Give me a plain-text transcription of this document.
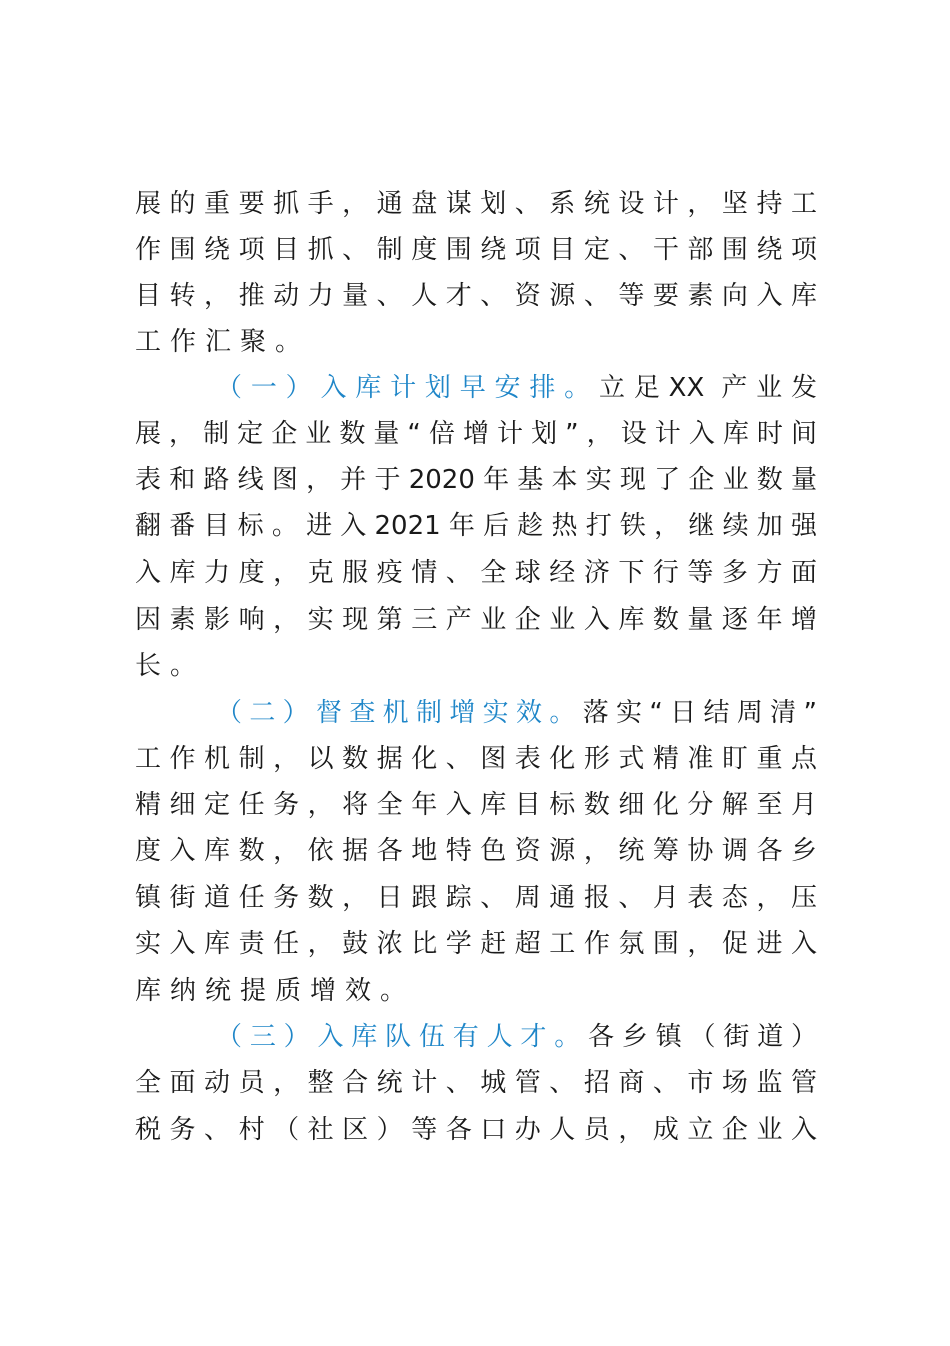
展的重要抓手，通盘谋划、系统设计，坚持工
作围绕项目抓、制度围绕项目定、干部围绕项
目转，推动力量、人才、资源、等要素向入库
工作汇聚。
（一）入库计划早安排。立足XX 产业发
展，制定企业数量“倍增计划”，设计入库时间
表和路线图，并于2020年基本实现了企业数量
翻番目标。进入2021年后趁热打铁，继续加强
入库力度，克服疫情、全球经济下行等多方面
因素影响，实现第三产业企业入库数量逐年增
长。
（二）督查机制增实效。落实“日结周清”
工作机制，以数据化、图表化形式精准盯重点
精细定任务，将全年入库目标数细化分解至月
度入库数，依据各地特色资源，统筹协调各乡
镇街道任务数，日跟踪、周通报、月表态，压
实入库责任，鼓浓比学赶超工作氛围，促进入
库纳统提质增效。
（三）入库队伍有人才。各乡镇（街道）
全面动员，整合统计、城管、招商、市场监管
税务、村（社区）等各口办人员，成立企业入
